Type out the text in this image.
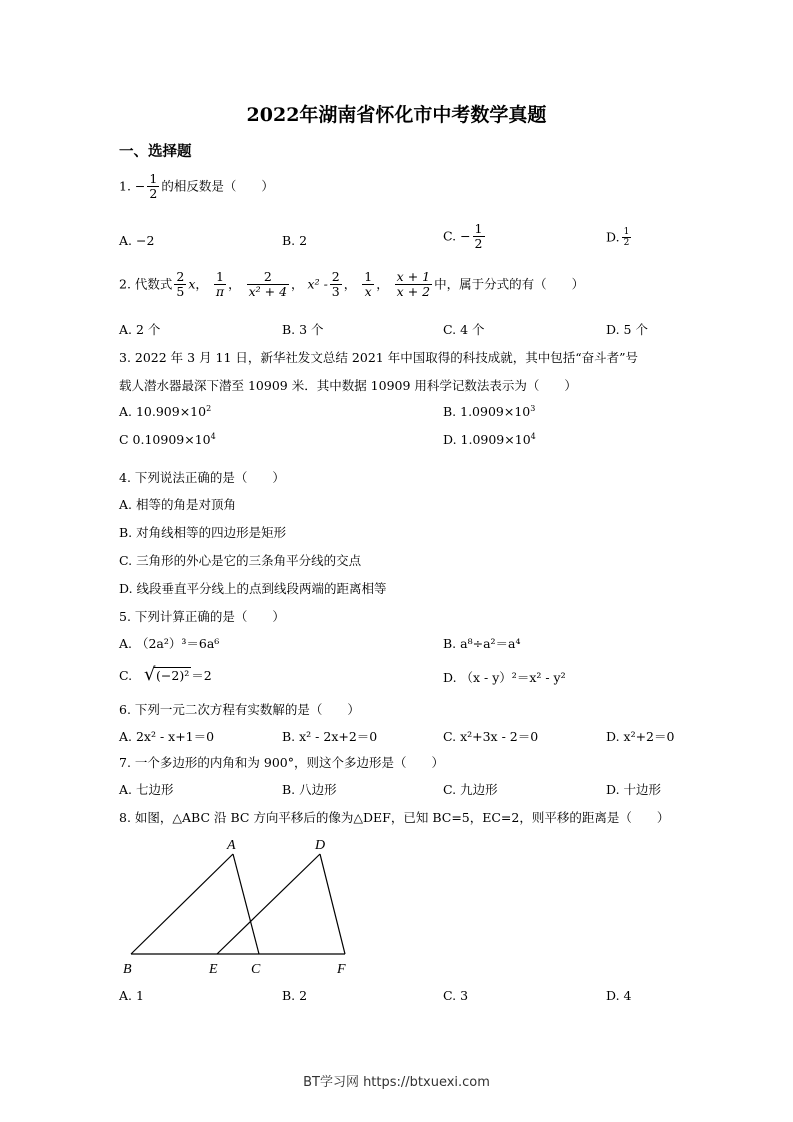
2022年湖南省怀化市中考数学真题
一、选择题
1. − $\frac{1}{2}$ 的相反数是（　　）
A. −2	B. 2	C. − $\frac{1}{2}$	D. $\frac{1}{2}$
2. 代数式 $\frac{2}{5}$ x， $\frac{1}{\pi}$ ， $\frac{2}{\text{x² + 4}}$ ， $x^2 - \frac{2}{3}$ ， $\frac{1}{x}$ ， $\frac{x + 1}{x + 2}$ 中，属于分式的有（　　）
A. 2 个	B. 3 个	C. 4 个	D. 5 个
3. 2022 年 3 月 11 日，新华社发文总结 2021 年中国取得的科技成就，其中包括“奋斗者”号
载人潜水器最深下潜至 10909 米．其中数据 10909 用科学记数法表示为（　　）
A. $10.909\times 10^2$	B. $1.0909\times 10^3$
C $0.10909\times 10^4$	D. $1.0909\times 10^4$
4. 下列说法正确的是（　　）
A. 相等的角是对顶角
B. 对角线相等的四边形是矩形
C. 三角形的外心是它的三条角平分线的交点
D. 线段垂直平分线上的点到线段两端的距离相等
5. 下列计算正确的是（　　）
A. （2a²）³＝6a⁶	B. a⁸÷a²＝a⁴
C. √ (−2)² ＝2	D. （x - y）²＝x² - y²
6. 下列一元二次方程有实数解的是（　　）
A. 2x² - x+1＝0	B. x² - 2x+2＝0	C. x²+3x - 2＝0	D. x²+2＝0
7. 一个多边形的内角和为 900°，则这个多边形是（　　）
A. 七边形	B. 八边形	C. 九边形	D. 十边形
8. 如图，△ABC 沿 BC 方向平移后的像为△DEF，已知 BC=5，EC=2，则平移的距离是（　　）
A	D
B	E C	F
A. 1	B. 2	C. 3	D. 4
BT学习网 https://btxuexi.com
